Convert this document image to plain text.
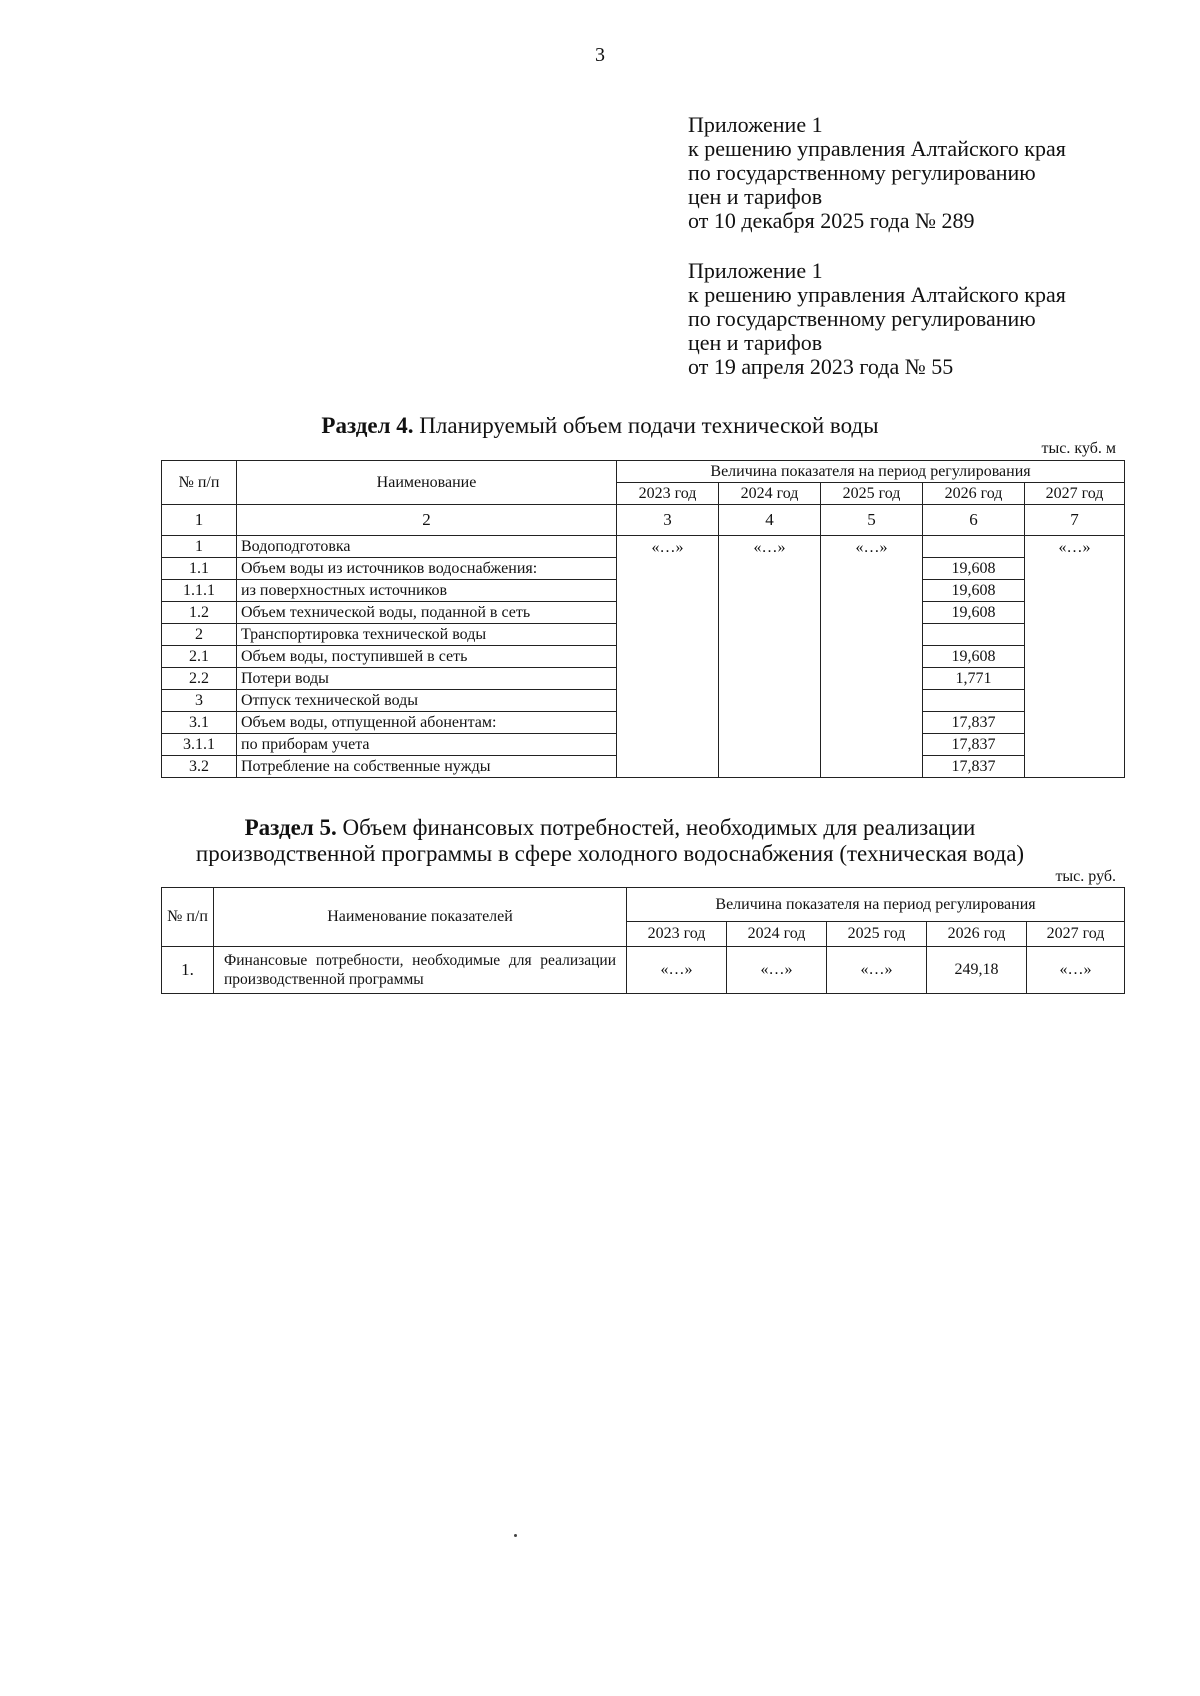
3
Приложение 1
к решению управления Алтайского края
по государственному регулированию
цен и тарифов
от 10 декабря 2025 года № 289
Приложение 1
к решению управления Алтайского края
по государственному регулированию
цен и тарифов
от 19 апреля 2023 года № 55
Раздел 4. Планируемый объем подачи технической воды
тыс. куб. м
№ п/п	Наименование	Величина показателя на период регулирования				
		2023 год	2024 год	2025 год	2026 год	2027 год
1	2	3	4	5	6	7
1	Водоподготовка	«…»	«…»	«…»		«…»
1.1	Объем воды из источников водоснабжения:				19,608	
1.1.1	из поверхностных источников				19,608	
1.2	Объем технической воды, поданной в сеть				19,608	
2	Транспортировка технической воды					
2.1	Объем воды, поступившей в сеть				19,608	
2.2	Потери воды				1,771	
3	Отпуск технической воды					
3.1	Объем воды, отпущенной абонентам:				17,837	
3.1.1	по приборам учета				17,837	
3.2	Потребление на собственные нужды				17,837	
Раздел 5. Объем финансовых потребностей, необходимых для реализации производственной программы в сфере холодного водоснабжения (техническая вода)
тыс. руб.
№ п/п	Наименование показателей	Величина показателя на период регулирования				
		2023 год	2024 год	2025 год	2026 год	2027 год
1.	Финансовые потребности, необходимые для реализации производственной программы	«…»	«…»	«…»	249,18	«…»
